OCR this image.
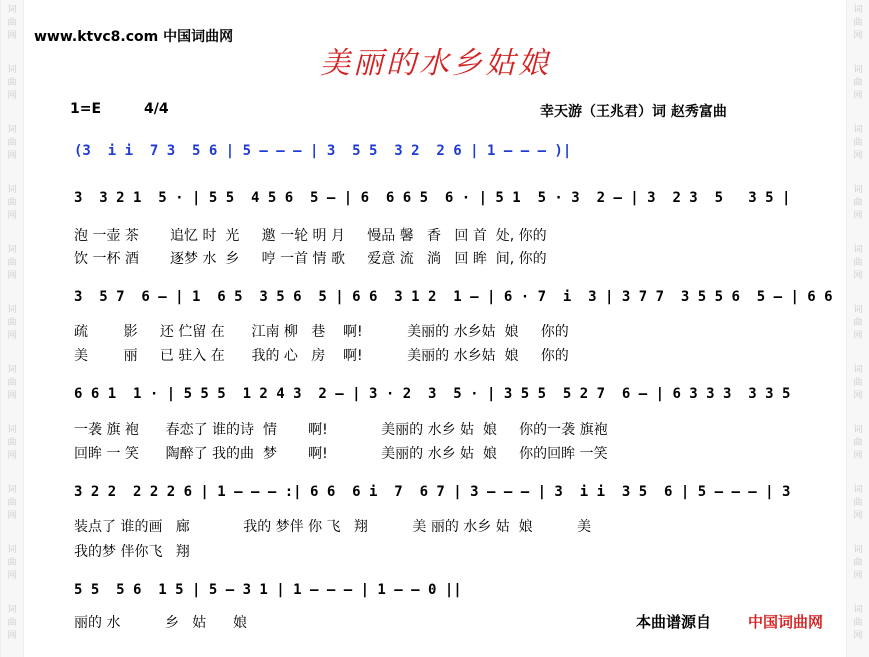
词
曲
网
词
曲
网
词
曲
网
词
曲
网
词
曲
网
词
曲
网
词
曲
网
词
曲
网
词
曲
网
词
曲
网
词
曲
网
词
曲
网
词
曲
网
词
曲
网
词
曲
网
词
曲
网
词
曲
网
词
曲
网
词
曲
网
词
曲
网
词
曲
网
词
曲
网
www.ktvc8.com 中国词曲网
美丽的水乡姑娘
1=E	4/4	幸天游（王兆君）词 赵秀富曲
(3  i i  7 3  5 6 | 5 — — — | 3  5 5  3 2  2 6 | 1 — — — )|
3  3 2 1  5 · | 5 5  4 5 6  5 — | 6  6 6 5  6 · | 5 1  5 · 3  2 — | 3  2 3  5   3 5 |
泡 一壶 茶       追忆 时  光     邀 一轮 明 月     慢品 馨   香   回 首  处, 你的
饮 一杯 酒       逐梦 水  乡     哼 一首 情 歌     爱意 流   淌   回 眸  间, 你的
3  5 7  6 — | 1  6 5  3 5 6  5 | 6 6  3 1 2  1 — | 6 · 7  i  3 | 3 7 7  3 5 5 6  5 — | 6 6
疏        影     还 伫留 在      江南 柳   巷    啊!          美丽的 水乡姑  娘     你的
美        丽     已 驻入 在      我的 心   房    啊!          美丽的 水乡姑  娘     你的
6 6 1  1 · | 5 5 5  1 2 4 3  2 — | 3 · 2  3  5 · | 3 5 5  5 2 7  6 — | 6 3 3 3  3 3 5
一袭 旗 袍      春恋了 谁的诗  情       啊!            美丽的 水乡 姑  娘     你的一袭 旗袍
回眸 一 笑      陶醉了 我的曲  梦       啊!            美丽的 水乡 姑  娘     你的回眸 一笑
3 2 2  2 2 2 6 | 1 — — — :| 6 6  6 i  7  6 7 | 3 — — — | 3  i i  3 5  6 | 5 — — — | 3
装点了 谁的画   廊            我的 梦伴 你 飞   翔          美 丽的 水乡 姑  娘          美
我的梦 伴你飞   翔
5 5  5 6  1 5 | 5 — 3 1 | 1 — — — | 1 — — 0 ||
丽的 水          乡   姑      娘	本曲谱源自 中国词曲网
